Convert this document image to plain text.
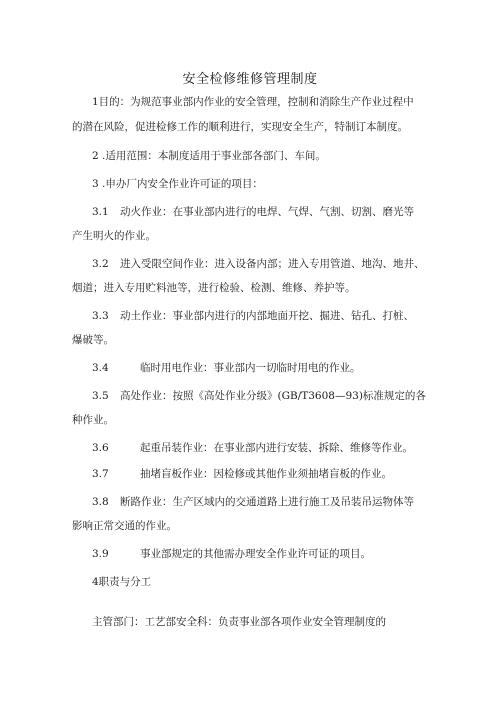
安全检修维修管理制度
1目的：为规范事业部内作业的安全管理，控制和消除生产作业过程中
的潜在风险，促进检修工作的顺利进行，实现安全生产，特制订本制度。
2 .适用范围：本制度适用于事业部各部门、车间。
3 .申办厂内安全作业许可证的项目：
3.1 动火作业：在事业部内进行的电焊、气焊、气割、切割、磨光等
产生明火的作业。
3.2 进入受限空间作业：进入设备内部；进入专用管道、地沟、地井、
烟道；进入专用贮料池等，进行检验、检测、维修、养护等。
3.3 动土作业：事业部内进行的内部地面开挖、掘进、钻孔、打桩、
爆破等。
3.4	临时用电作业：事业部内一切临时用电的作业。
3.5 高处作业：按照《高处作业分级》(GB/T3608—93)标准规定的各
种作业。
3.6	起重吊装作业：在事业部内进行安装、拆除、维修等作业。
3.7	抽堵盲板作业：因检修或其他作业须抽堵盲板的作业。
3.8 断路作业：生产区域内的交通道路上进行施工及吊装吊运物体等
影响正常交通的作业。
3.9	事业部规定的其他需办理安全作业许可证的项目。
4职责与分工
主管部门：工艺部安全科：负责事业部各项作业安全管理制度的
